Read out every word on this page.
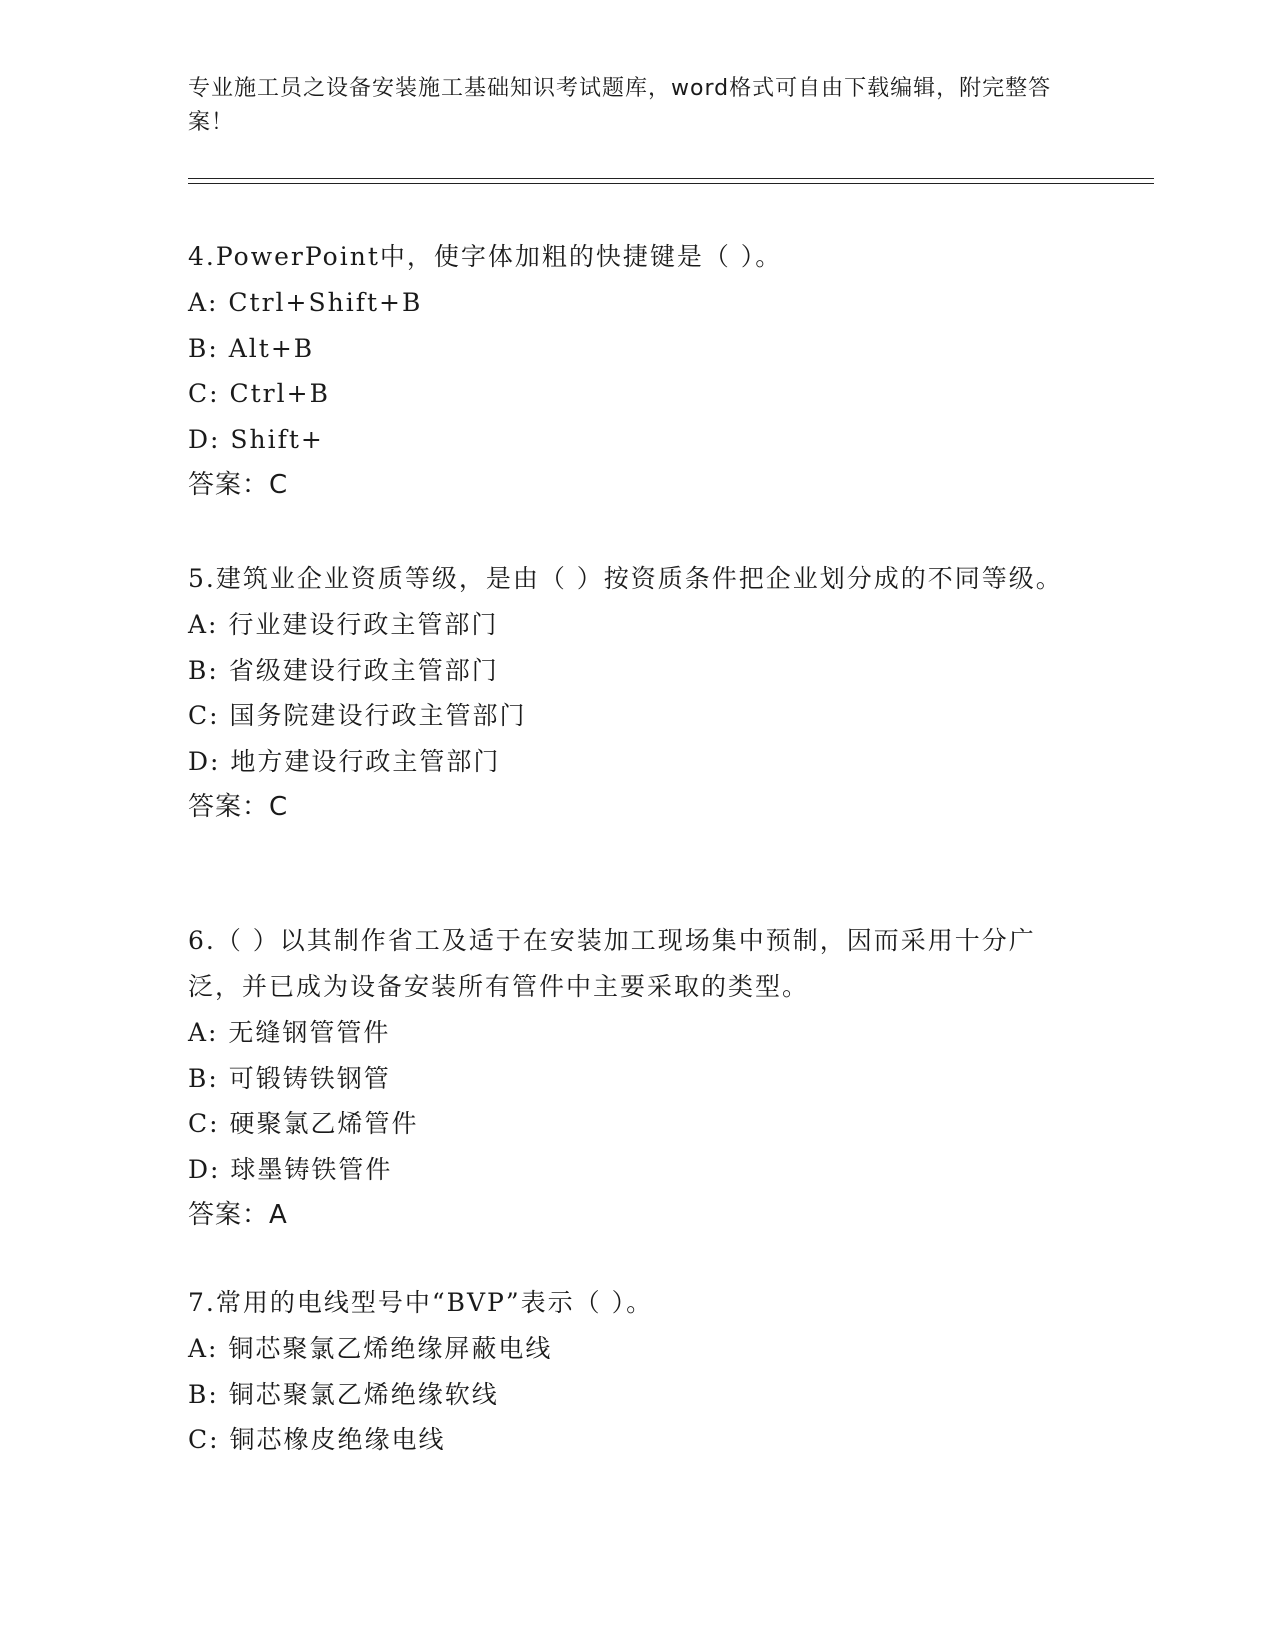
专业施工员之设备安装施工基础知识考试题库，word格式可自由下载编辑，附完整答案！

4.PowerPoint中，使字体加粗的快捷键是（ ）。

A: Ctrl+Shift+B

B: Alt+B

C: Ctrl+B

D: Shift+

答案：C

5.建筑业企业资质等级，是由（ ）按资质条件把企业划分成的不同等级。

A: 行业建设行政主管部门

B: 省级建设行政主管部门

C: 国务院建设行政主管部门

D: 地方建设行政主管部门

答案：C

6.（ ）以其制作省工及适于在安装加工现场集中预制，因而采用十分广泛，并已成为设备安装所有管件中主要采取的类型。

A: 无缝钢管管件

B: 可锻铸铁钢管

C: 硬聚氯乙烯管件

D: 球墨铸铁管件

答案：A

7.常用的电线型号中“BVP”表示（ ）。

A: 铜芯聚氯乙烯绝缘屏蔽电线

B: 铜芯聚氯乙烯绝缘软线

C: 铜芯橡皮绝缘电线
